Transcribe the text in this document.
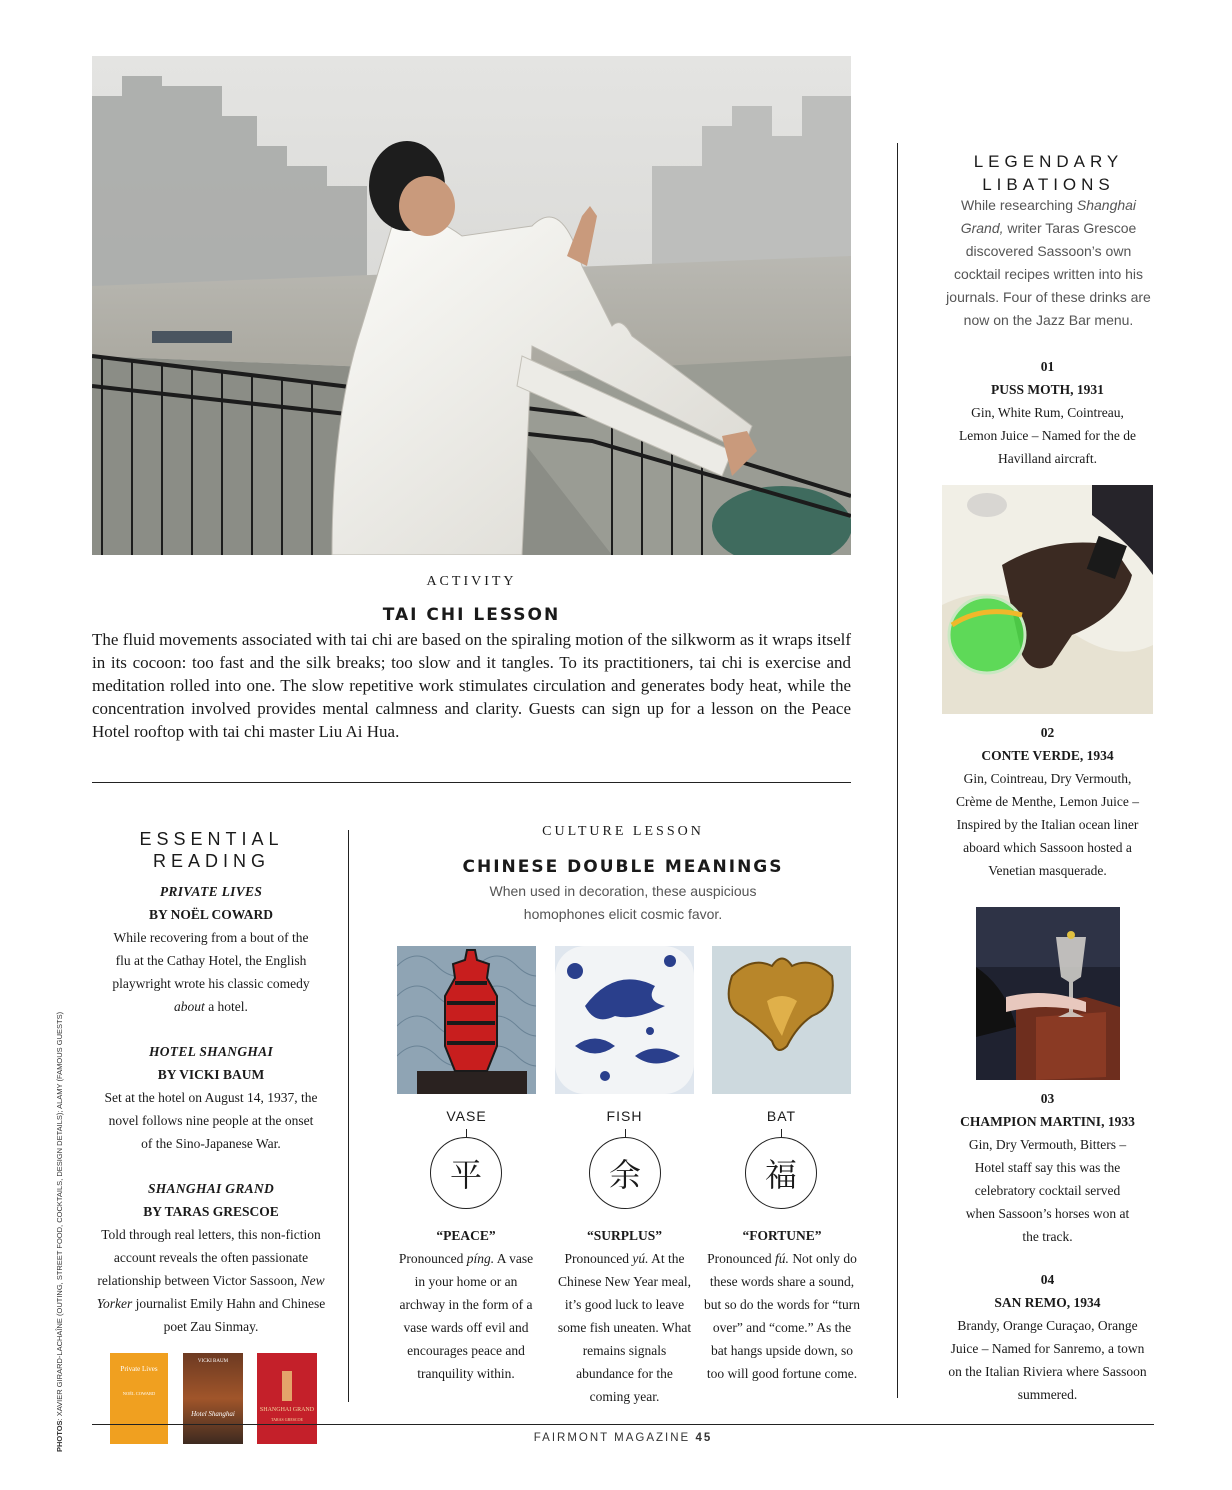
ACTIVITY
TAI CHI LESSON
The fluid movements associated with tai chi are based on the spiraling motion of the silkworm as it wraps itself in its cocoon: too fast and the silk breaks; too slow and it tangles. To its practitioners, tai chi is exercise and meditation rolled into one. The slow repetitive work stimulates circulation and generates body heat, while the concentration involved provides mental calmness and clarity. Guests can sign up for a lesson on the Peace Hotel rooftop with tai chi master Liu Ai Hua.
ESSENTIAL
READING
PRIVATE LIVES
BY NOËL COWARD
While recovering from a bout of the flu at the Cathay Hotel, the English playwright wrote his classic comedy about a hotel.
HOTEL SHANGHAI
BY VICKI BAUM
Set at the hotel on August 14, 1937, the novel follows nine people at the onset of the Sino-Japanese War.
SHANGHAI GRAND
BY TARAS GRESCOE
Told through real letters, this non-fiction account reveals the often passionate relationship between Victor Sassoon, New Yorker journalist Emily Hahn and Chinese poet Zau Sinmay.
Private Lives
NOËL COWARD
VICKI BAUM
Hotel Shanghai	SHANGHAI GRAND
TARAS GRESCOE
CULTURE LESSON
CHINESE DOUBLE MEANINGS
When used in decoration, these auspicious homophones elicit cosmic favor.
VASE	FISH	BAT
平	余	福
“PEACE”
Pronounced píng. A vase in your home or an archway in the form of a vase wards off evil and encourages peace and tranquility within.
“SURPLUS”
Pronounced yú. At the Chinese New Year meal, it’s good luck to leave some fish uneaten. What remains signals abundance for the coming year.
“FORTUNE”
Pronounced fú. Not only do these words share a sound, but so do the words for “turn over” and “come.” As the bat hangs upside down, so too will good fortune come.
LEGENDARY
LIBATIONS
While researching Shanghai Grand, writer Taras Grescoe discovered Sassoon’s own cocktail recipes written into his journals. Four of these drinks are now on the Jazz Bar menu.
01
PUSS MOTH, 1931
Gin, White Rum, Cointreau, Lemon Juice – Named for the de Havilland aircraft.
02
CONTE VERDE, 1934
Gin, Cointreau, Dry Vermouth, Crème de Menthe, Lemon Juice – Inspired by the Italian ocean liner aboard which Sassoon hosted a Venetian masquerade.
03
CHAMPION MARTINI, 1933
Gin, Dry Vermouth, Bitters – Hotel staff say this was the celebratory cocktail served when Sassoon’s horses won at the track.
04
SAN REMO, 1934
Brandy, Orange Curaçao, Orange Juice – Named for Sanremo, a town on the Italian Riviera where Sassoon summered.
PHOTOS: XAVIER GIRARD-LACHAÎNE (OUTING, STREET FOOD, COCKTAILS, DESIGN DETAILS); ALAMY (FAMOUS GUESTS)
FAIRMONT MAGAZINE 45
